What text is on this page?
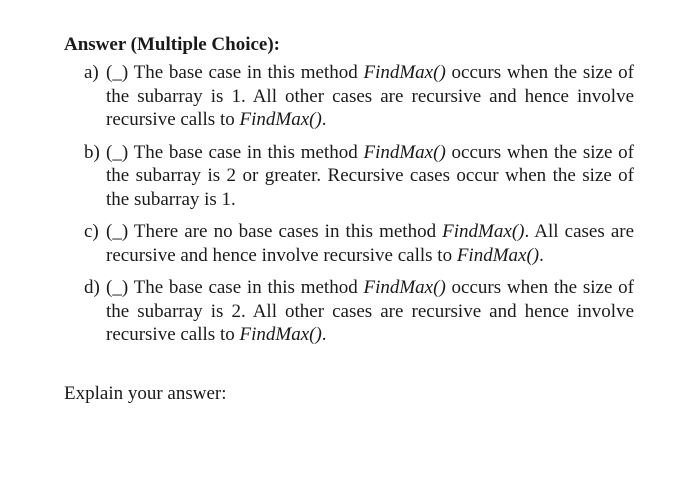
Answer (Multiple Choice):
a) (_) The base case in this method FindMax() occurs when the size of the subarray is 1. All other cases are recursive and hence involve recursive calls to FindMax().
b) (_) The base case in this method FindMax() occurs when the size of the subarray is 2 or greater. Recursive cases occur when the size of the subarray is 1.
c) (_) There are no base cases in this method FindMax(). All cases are recursive and hence involve recursive calls to FindMax().
d) (_) The base case in this method FindMax() occurs when the size of the subarray is 2. All other cases are recursive and hence involve recursive calls to FindMax().
Explain your answer:
